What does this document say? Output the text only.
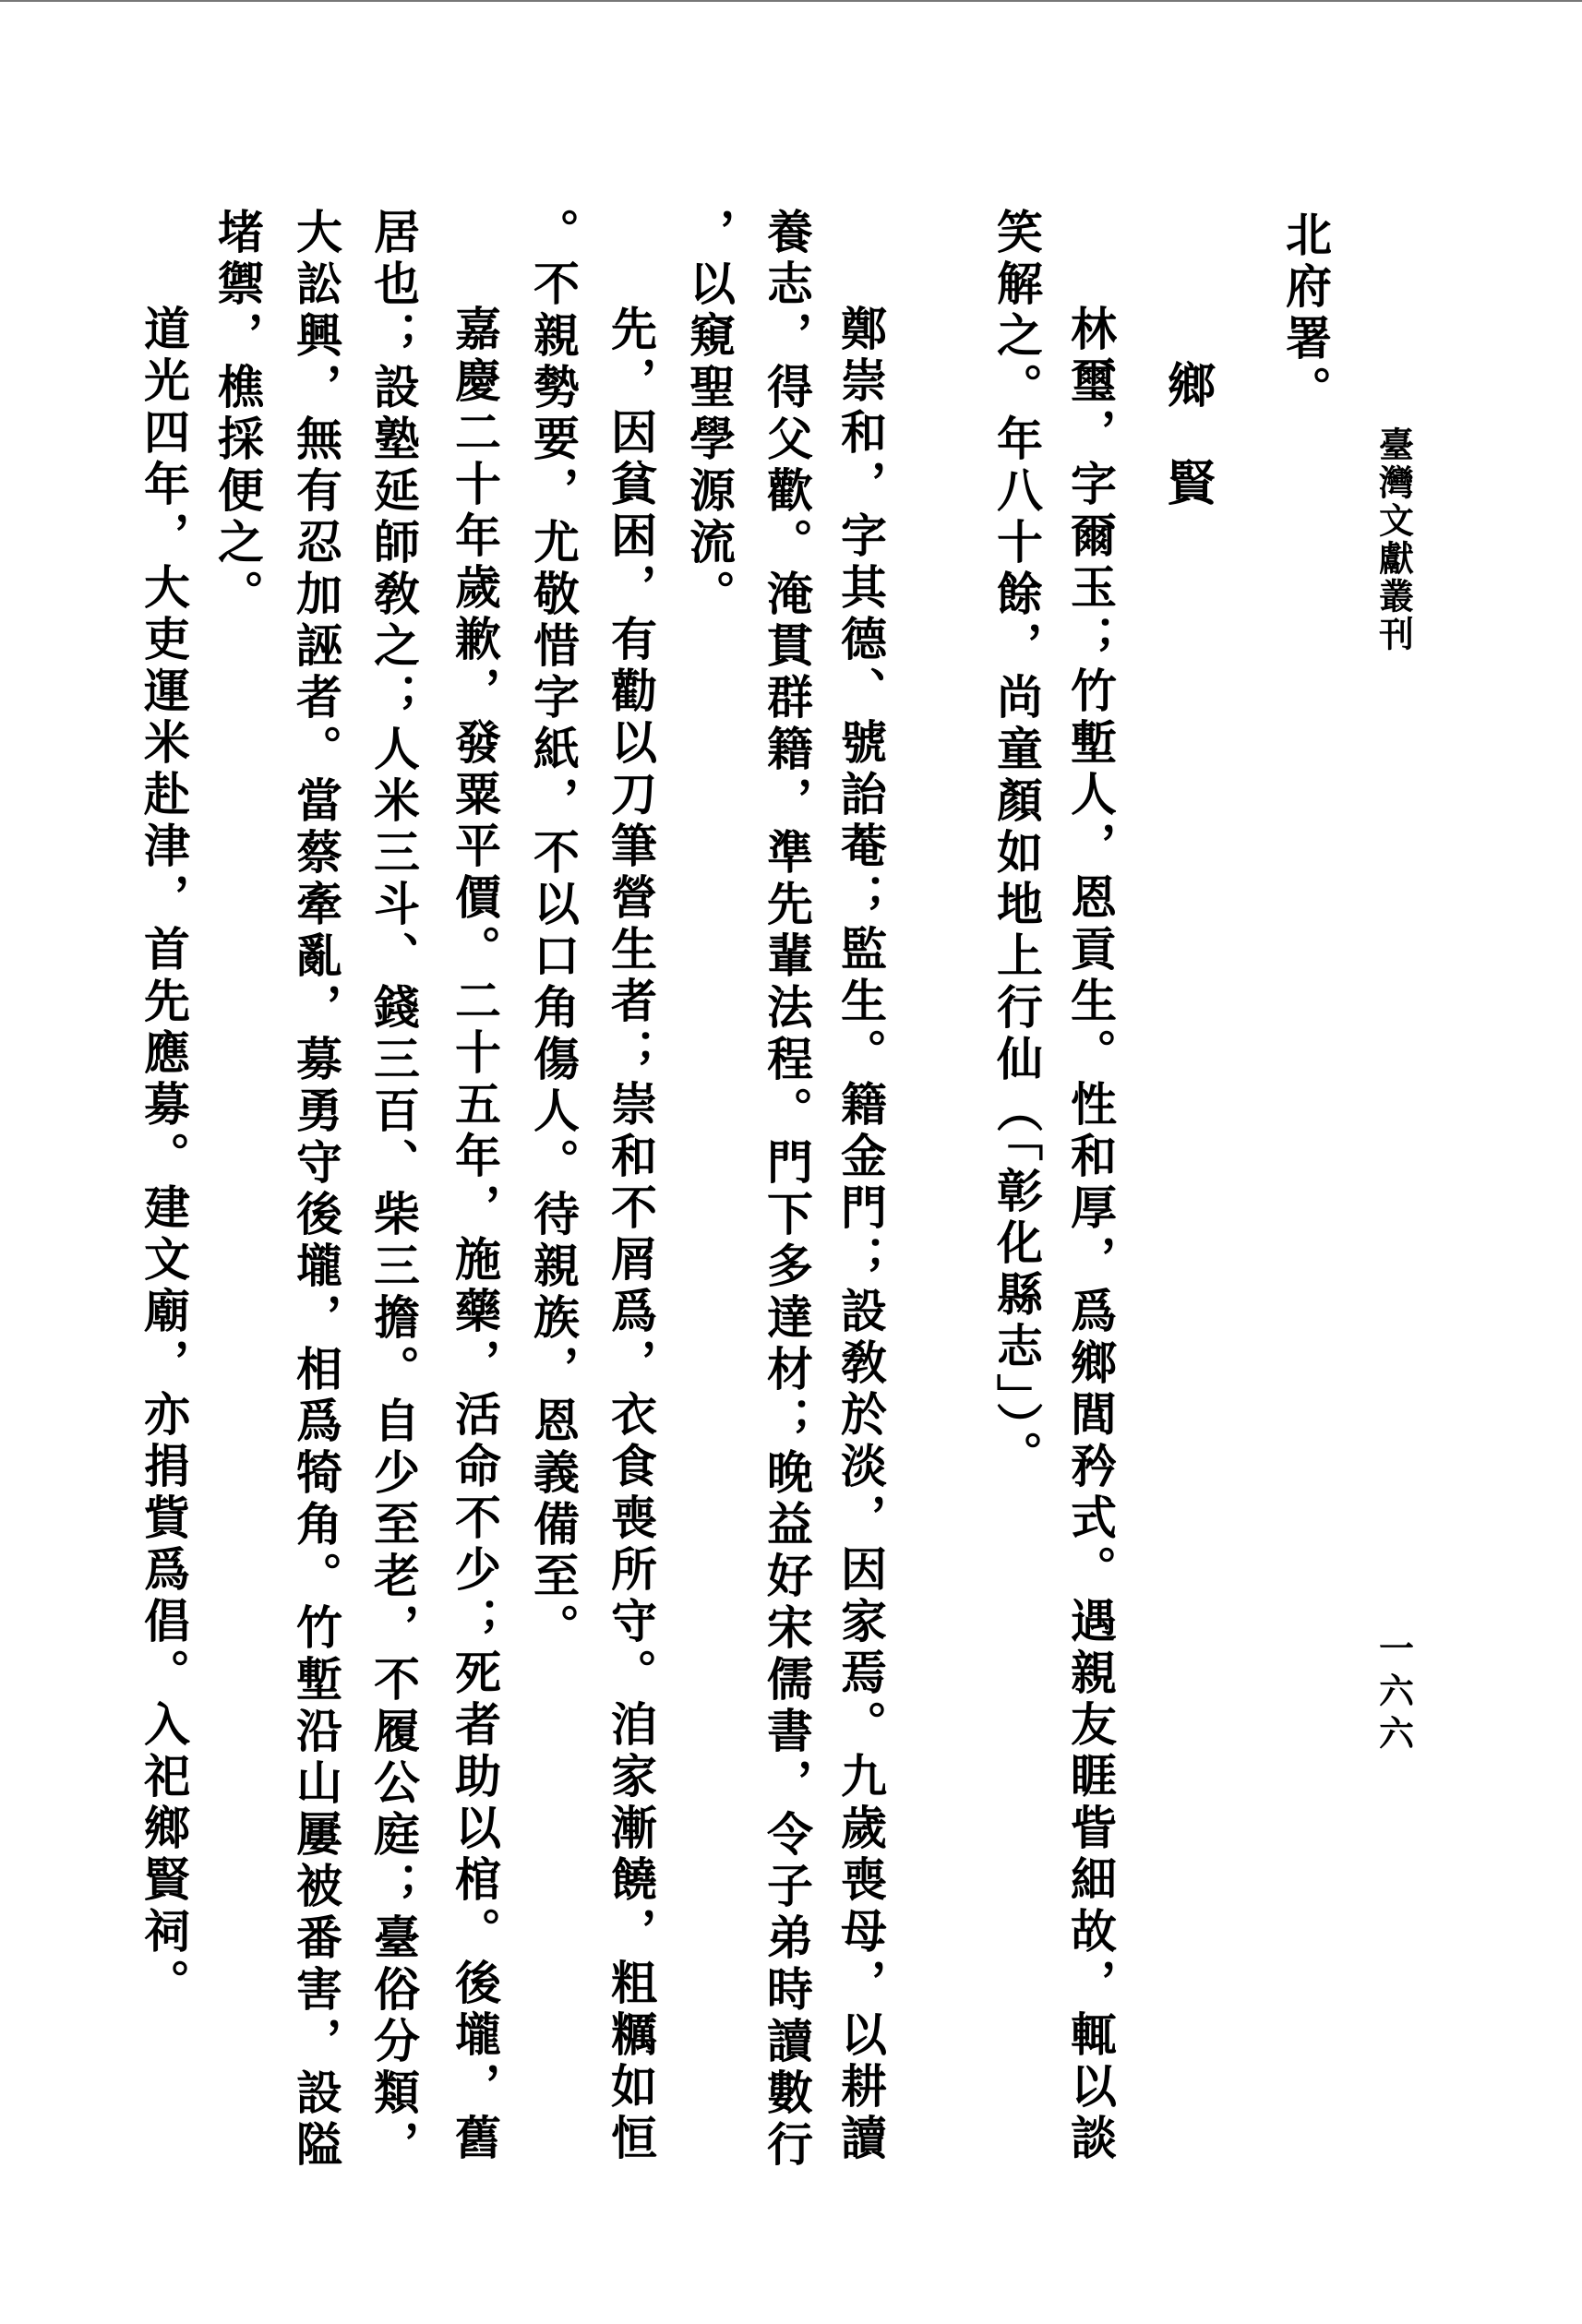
臺灣文獻叢刊
一六六
北府署。
鄉賢
林璽，字爾玉；竹塹人，恩貢生。性和厚，爲鄉閭矜式。遇親友睚眥細故，輒以談
笑解之。年八十餘，尚童顏如地上行仙（「彰化縣志」）。
鄭崇和，字其德、號詒菴；監生。籍金門；設敎於淡，因家焉。九歲喪母，以耕讀
養志，得父歡。淹貫群籍，準先輩法程。門下多達材；晚益好宋儒書，令子弟時讀數行
，以窺聖學源流。
先，因貧困，有勸以刀筆營生者；崇和不屑爲，衣食喪所守。洎家漸饒，粗糲如恒
。不親勢要，尤敬惜字紙，不以口角傷人。待親族，恩義備至。
嘉慶二十年歲歉，發粟平價。二十五年，施藥，活命不少；死者助以棺。後壠，舊
居也；設塾延師敎之；人米三斗、錢三百、柴三擔。自少至老，不履公庭；臺俗分類，
大訟興，無有忍加誣者。當蔡牽亂，募勇守後壠，相爲犄角。竹塹沿山屢被番害，設隘
堵禦，樵採便之。
道光四年，大吏運米赴津，首先應募。建文廟，亦捐貲爲倡。入祀鄉賢祠。
